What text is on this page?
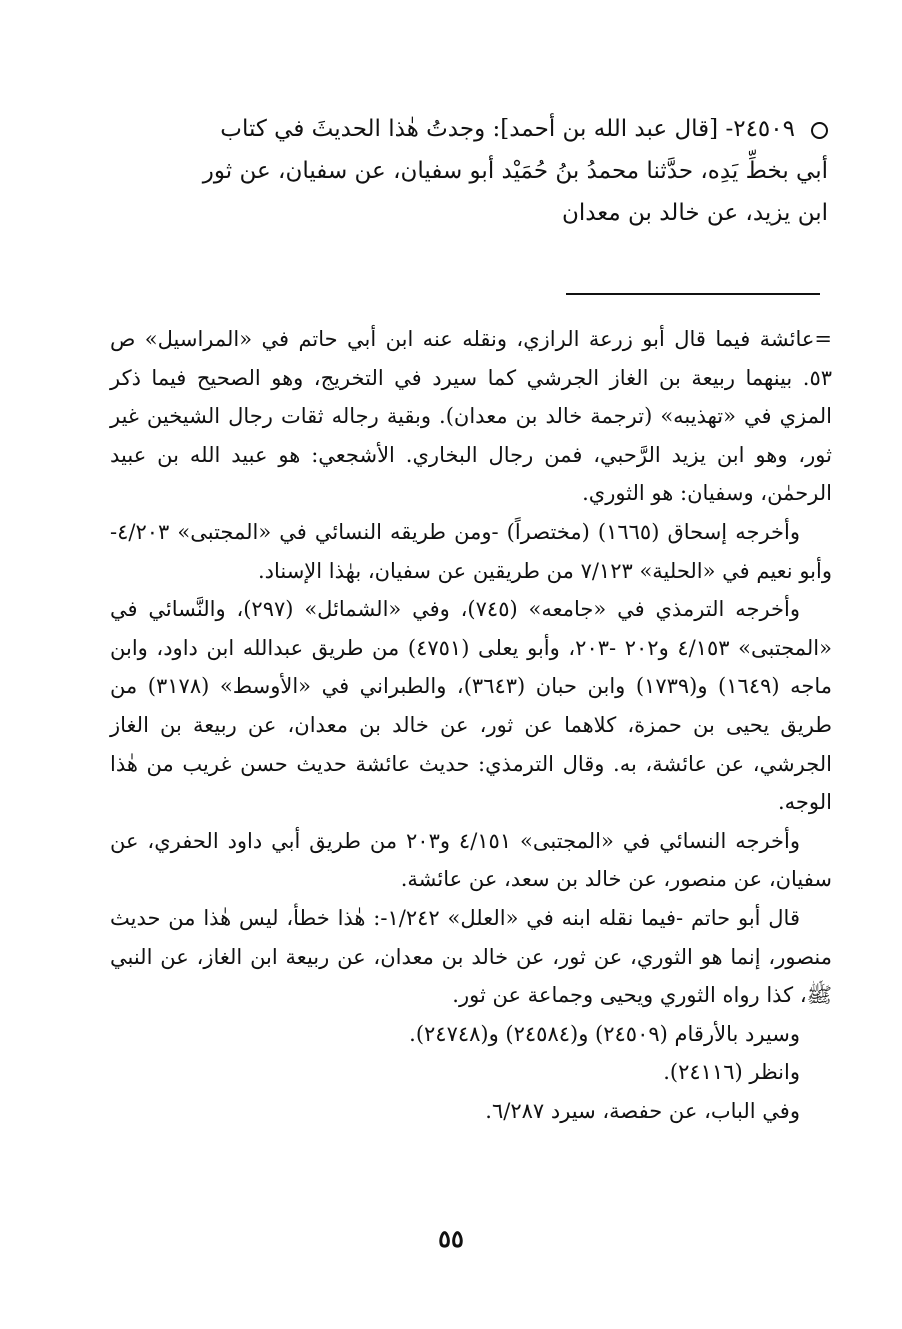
٢٤٥٠٩- [قال عبد الله بن أحمد]: وجدتُ هٰذا الحديثَ في كتاب
أبي بخطِّ يَدِه، حدَّثنا محمدُ بنُ حُمَيْد أبو سفيان، عن سفيان، عن ثور
ابن يزيد، عن خالد بن معدان
=عائشة فيما قال أبو زرعة الرازي، ونقله عنه ابن أبي حاتم في «المراسيل» ص ٥٣. بينهما ربيعة بن الغاز الجرشي كما سيرد في التخريج، وهو الصحيح فيما ذكر المزي في «تهذيبه» (ترجمة خالد بن معدان). وبقية رجاله ثقات رجال الشيخين غير ثور، وهو ابن يزيد الرَّحبي، فمن رجال البخاري. الأشجعي: هو عبيد الله بن عبيد الرحمٰن، وسفيان: هو الثوري.
وأخرجه إسحاق (١٦٦٥) (مختصراً) -ومن طريقه النسائي في «المجتبى» ٤/٢٠٣- وأبو نعيم في «الحلية» ٧/١٢٣ من طريقين عن سفيان، بهٰذا الإسناد.
وأخرجه الترمذي في «جامعه» (٧٤٥)، وفي «الشمائل» (٢٩٧)، والنَّسائي في «المجتبى» ٤/١٥٣ و٢٠٢ -٢٠٣، وأبو يعلى (٤٧٥١) من طريق عبدالله ابن داود، وابن ماجه (١٦٤٩) و(١٧٣٩) وابن حبان (٣٦٤٣)، والطبراني في «الأوسط» (٣١٧٨) من طريق يحيى بن حمزة، كلاهما عن ثور، عن خالد بن معدان، عن ربيعة بن الغاز الجرشي، عن عائشة، به. وقال الترمذي: حديث عائشة حديث حسن غريب من هٰذا الوجه.
وأخرجه النسائي في «المجتبى» ٤/١٥١ و٢٠٣ من طريق أبي داود الحفري، عن سفيان، عن منصور، عن خالد بن سعد، عن عائشة.
قال أبو حاتم -فيما نقله ابنه في «العلل» ١/٢٤٢-: هٰذا خطأ، ليس هٰذا من حديث منصور، إنما هو الثوري، عن ثور، عن خالد بن معدان، عن ربيعة ابن الغاز، عن النبي ﷺ، كذا رواه الثوري ويحيى وجماعة عن ثور.
وسيرد بالأرقام (٢٤٥٠٩) و(٢٤٥٨٤) و(٢٤٧٤٨).
وانظر (٢٤١١٦).
وفي الباب، عن حفصة، سيرد ٦/٢٨٧.
٥٥
